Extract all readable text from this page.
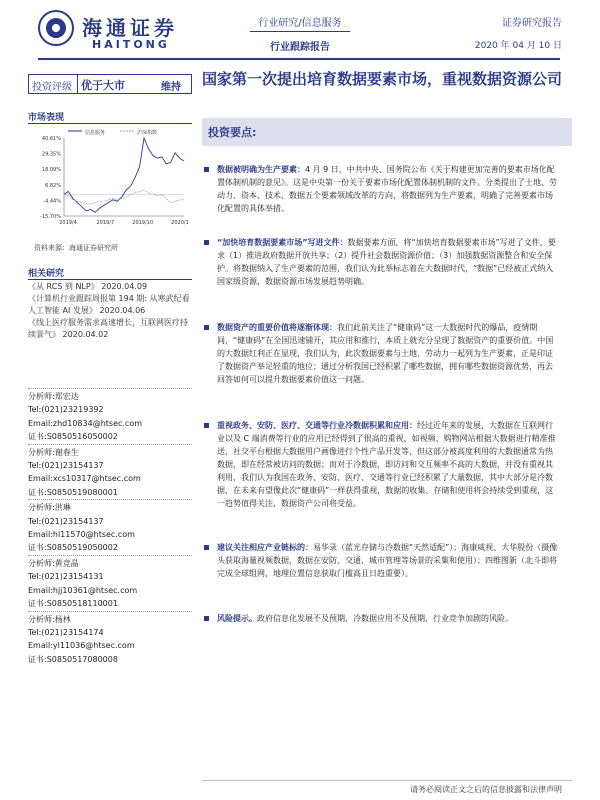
海通证券
HAITONG
行业研究/信息服务
行业跟踪报告
证券研究报告
2020 年 04 月 10 日
投资评级 优于大市	维持
市场表现
信息服务	沪深指数
40.61%
29.35%
18.09%
6.82%
-4.44%
-15.70%
2019/4	2019/7	2019/10	2020/1
资料来源：海通证券研究所
相关研究
《从 RCS 到 NLP》 2020.04.09
《计算机行业跟踪周报第 194 期: 从寒武纪看人工智能 AI 发展》 2020.04.06
《线上医疗服务需求高速增长，互联网医疗持续景气》 2020.04.02
分析师:郑宏达
Tel:(021)23219392
Email:zhd10834@htsec.com
证书:S0850516050002
分析师:谢春生
Tel:(021)23154137
Email:xcs10317@htsec.com
证书:S0850519080001
分析师:洪琳
Tel:(021)23154137
Email:hl11570@htsec.com
证书:S0850519050002
分析师:黄竞晶
Tel:(021)23154131
Email:hjj10361@htsec.com
证书:S0850518110001
分析师:杨林
Tel:(021)23154174
Email:yl11036@htsec.com
证书:S0850517080008
国家第一次提出培育数据要素市场，重视数据资源公司
投资要点:
数据被明确为生产要素：4 月 9 日，中共中央、国务院公布《关于构建更加完善的要素市场化配置体制机制的意见》。这是中央第一份关于要素市场化配置体制机制的文件。分类提出了土地、劳动力、资本、技术、数据五个要素领域改革的方向，将数据列为生产要素，明确了完善要素市场化配置的具体举措。
“加快培育数据要素市场”写进文件：数据要素方面，将“加快培育数据要素市场”写进了文件，要求（1）推进政府数据开放共享；（2）提升社会数据资源价值；（3）加强数据资源整合和安全保护。将数据纳入了生产要素的范围，我们认为此举标志着在大数据时代，“数据”已经被正式纳入国家级资源，数据资源市场发展趋势明确。
数据资产的重要价值将逐渐体现：我们此前关注了“健康码”这一大数据时代的爆品，疫情期间，“健康码”在全国迅速铺开，其应用和推行，本质上就充分呈现了数据资产的重要价值。中国的大数据红利正在显现，我们认为，此次数据要素与土地、劳动力一起列为生产要素，正是印证了数据资产举足轻重的地位；通过分析我国已经积累了哪些数据，拥有哪些数据资源优势，再去回答如何可以提升数据要素价值这一问题。
重视政务、安防、医疗、交通等行业冷数据积累和应用：经过近年来的发展，大数据在互联网行业以及 C 端消费等行业的应用已经得到了很高的重视，如视频、购物网站根据大数据进行精准推送，社交平台根据大数据用户画像进行个性产品开发等，但这部分被高度利用的大数据通常为热数据，即在经常被访问的数据；而对于冷数据，即访问和交互频率不高的大数据，并没有重视其利用，我们认为我国在政务、安防、医疗、交通等行业已经积累了大量数据，其中大部分是冷数据，在未来有望像此次“健康码”一样获得重视，数据的收集、存储和使用将会持续受到重视，这一趋势值得关注，数据资产公司将受益。
建议关注相应产业链标的：易华录（蓝光存储与冷数据“天然适配”）；海康威视、大华股份（摄像头获取海量视频数据，数据在安防、交通、城市管理等场景的采集和使用）；四维图新（北斗即将完成全球组网，地理位置信息获取门槛高且日趋重要）。
风险提示。政府信息化发展不及预期，冷数据应用不及预期，行业竞争加剧的风险。
请务必阅读正文之后的信息披露和法律声明
